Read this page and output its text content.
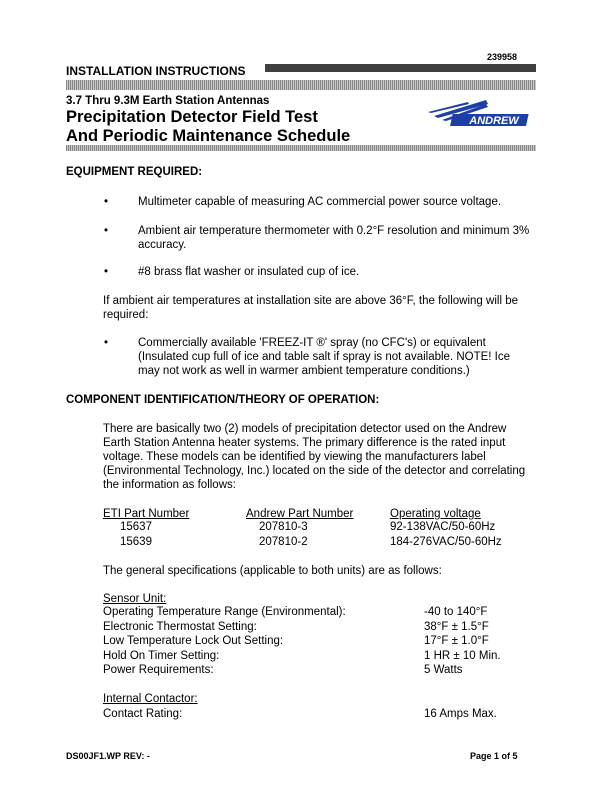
239958
INSTALLATION INSTRUCTIONS
3.7 Thru 9.3M Earth Station Antennas
Precipitation Detector Field Test
And Periodic Maintenance Schedule
ANDREW
EQUIPMENT REQUIRED:
•	Multimeter capable of measuring AC commercial power source voltage.
•	Ambient air temperature thermometer with 0.2°F resolution and minimum 3%
accuracy.
•	#8 brass flat washer or insulated cup of ice.
If ambient air temperatures at installation site are above 36°F, the following will be
required:
•	Commercially available 'FREEZ-IT ®' spray (no CFC's) or equivalent
(Insulated cup full of ice and table salt if spray is not available. NOTE! Ice
may not work as well in warmer ambient temperature conditions.)
COMPONENT IDENTIFICATION/THEORY OF OPERATION:
There are basically two (2) models of precipitation detector used on the Andrew
Earth Station Antenna heater systems. The primary difference is the rated input
voltage. These models can be identified by viewing the manufacturers label
(Environmental Technology, Inc.) located on the side of the detector and correlating
the information as follows:
ETI Part Number	Andrew Part Number	Operating voltage
15637	207810-3	92-138VAC/50-60Hz
15639	207810-2	184-276VAC/50-60Hz
The general specifications (applicable to both units) are as follows:
Sensor Unit:
Operating Temperature Range (Environmental):	-40 to 140°F
Electronic Thermostat Setting:	38°F ± 1.5°F
Low Temperature Lock Out Setting:	17°F ± 1.0°F
Hold On Timer Setting:	1 HR ± 10 Min.
Power Requirements:	5 Watts
Internal Contactor:
Contact Rating:	16 Amps Max.
DS00JF1.WP REV: -	Page 1 of 5
